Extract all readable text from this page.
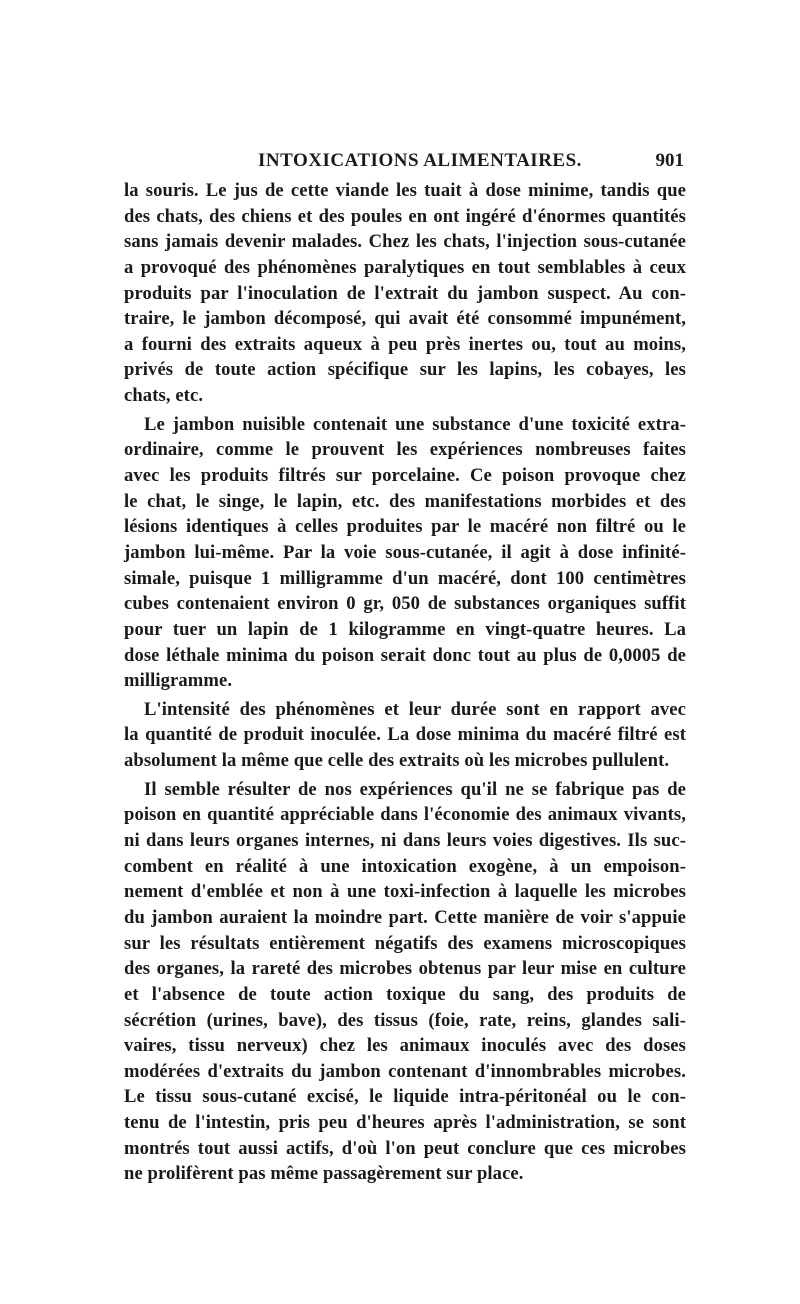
INTOXICATIONS ALIMENTAIRES.	901
la souris. Le jus de cette viande les tuait à dose minime, tandis que
des chats, des chiens et des poules en ont ingéré d'énormes quantités
sans jamais devenir malades. Chez les chats, l'injection sous-cutanée
a provoqué des phénomènes paralytiques en tout semblables à ceux
produits par l'inoculation de l'extrait du jambon suspect. Au con-
traire, le jambon décomposé, qui avait été consommé impunément,
a fourni des extraits aqueux à peu près inertes ou, tout au moins,
privés de toute action spécifique sur les lapins, les cobayes, les
chats, etc.
Le jambon nuisible contenait une substance d'une toxicité extra-
ordinaire, comme le prouvent les expériences nombreuses faites
avec les produits filtrés sur porcelaine. Ce poison provoque chez
le chat, le singe, le lapin, etc. des manifestations morbides et des
lésions identiques à celles produites par le macéré non filtré ou le
jambon lui-même. Par la voie sous-cutanée, il agit à dose infinité-
simale, puisque 1 milligramme d'un macéré, dont 100 centimètres
cubes contenaient environ 0 gr, 050 de substances organiques suffit
pour tuer un lapin de 1 kilogramme en vingt-quatre heures. La
dose léthale minima du poison serait donc tout au plus de 0,0005 de
milligramme.
L'intensité des phénomènes et leur durée sont en rapport avec
la quantité de produit inoculée. La dose minima du macéré filtré est
absolument la même que celle des extraits où les microbes pullulent.
Il semble résulter de nos expériences qu'il ne se fabrique pas de
poison en quantité appréciable dans l'économie des animaux vivants,
ni dans leurs organes internes, ni dans leurs voies digestives. Ils suc-
combent en réalité à une intoxication exogène, à un empoison-
nement d'emblée et non à une toxi-infection à laquelle les microbes
du jambon auraient la moindre part. Cette manière de voir s'appuie
sur les résultats entièrement négatifs des examens microscopiques
des organes, la rareté des microbes obtenus par leur mise en culture
et l'absence de toute action toxique du sang, des produits de
sécrétion (urines, bave), des tissus (foie, rate, reins, glandes sali-
vaires, tissu nerveux) chez les animaux inoculés avec des doses
modérées d'extraits du jambon contenant d'innombrables microbes.
Le tissu sous-cutané excisé, le liquide intra-péritonéal ou le con-
tenu de l'intestin, pris peu d'heures après l'administration, se sont
montrés tout aussi actifs, d'où l'on peut conclure que ces microbes
ne prolifèrent pas même passagèrement sur place.
